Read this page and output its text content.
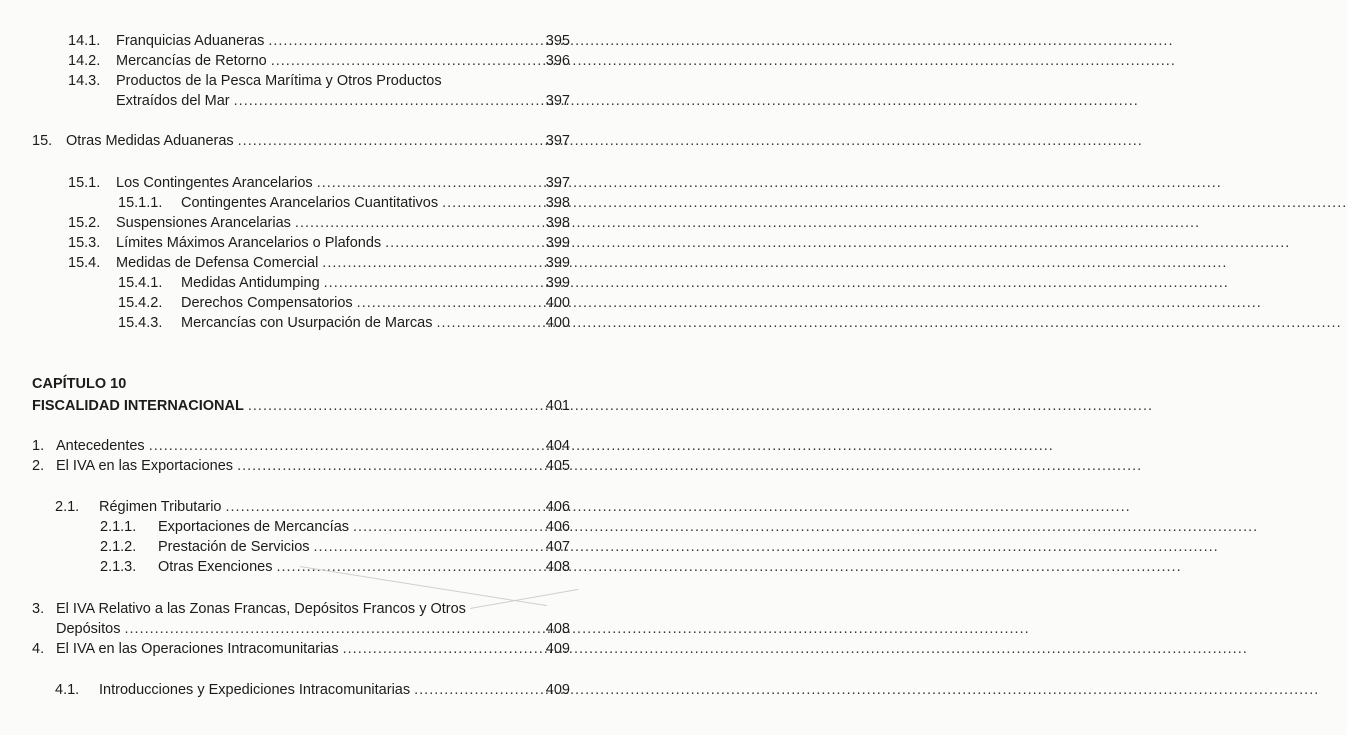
14.1.	Franquicias Aduaneras .....	395
14.2.	Mercancías de Retorno .....	396
14.3.	Productos de la Pesca Marítima y Otros Productos
Extraídos del Mar .....	397
15. Otras Medidas Aduaneras .....	397
15.1.	Los Contingentes Arancelarios .....	397
15.1.1.	Contingentes Arancelarios Cuantitativos .....	398
15.2.	Suspensiones Arancelarias .....	398
15.3.	Límites Máximos Arancelarios o Plafonds .....	399
15.4.	Medidas de Defensa Comercial .....	399
15.4.1.	Medidas Antidumping .....	399
15.4.2.	Derechos Compensatorios .....	400
15.4.3.	Mercancías con Usurpación de Marcas .....	400
CAPÍTULO 10
FISCALIDAD INTERNACIONAL .....	401
1. Antecedentes .....	404
2. El IVA en las Exportaciones .....	405
2.1.	Régimen Tributario .....	406
2.1.1.	Exportaciones de Mercancías .....	406
2.1.2.	Prestación de Servicios .....	407
2.1.3.	Otras Exenciones .....	408
3. El IVA Relativo a las Zonas Francas, Depósitos Francos y Otros
Depósitos .....	408
4. El IVA en las Operaciones Intracomunitarias .....	409
4.1.	Introducciones y Expediciones Intracomunitarias .....	409
